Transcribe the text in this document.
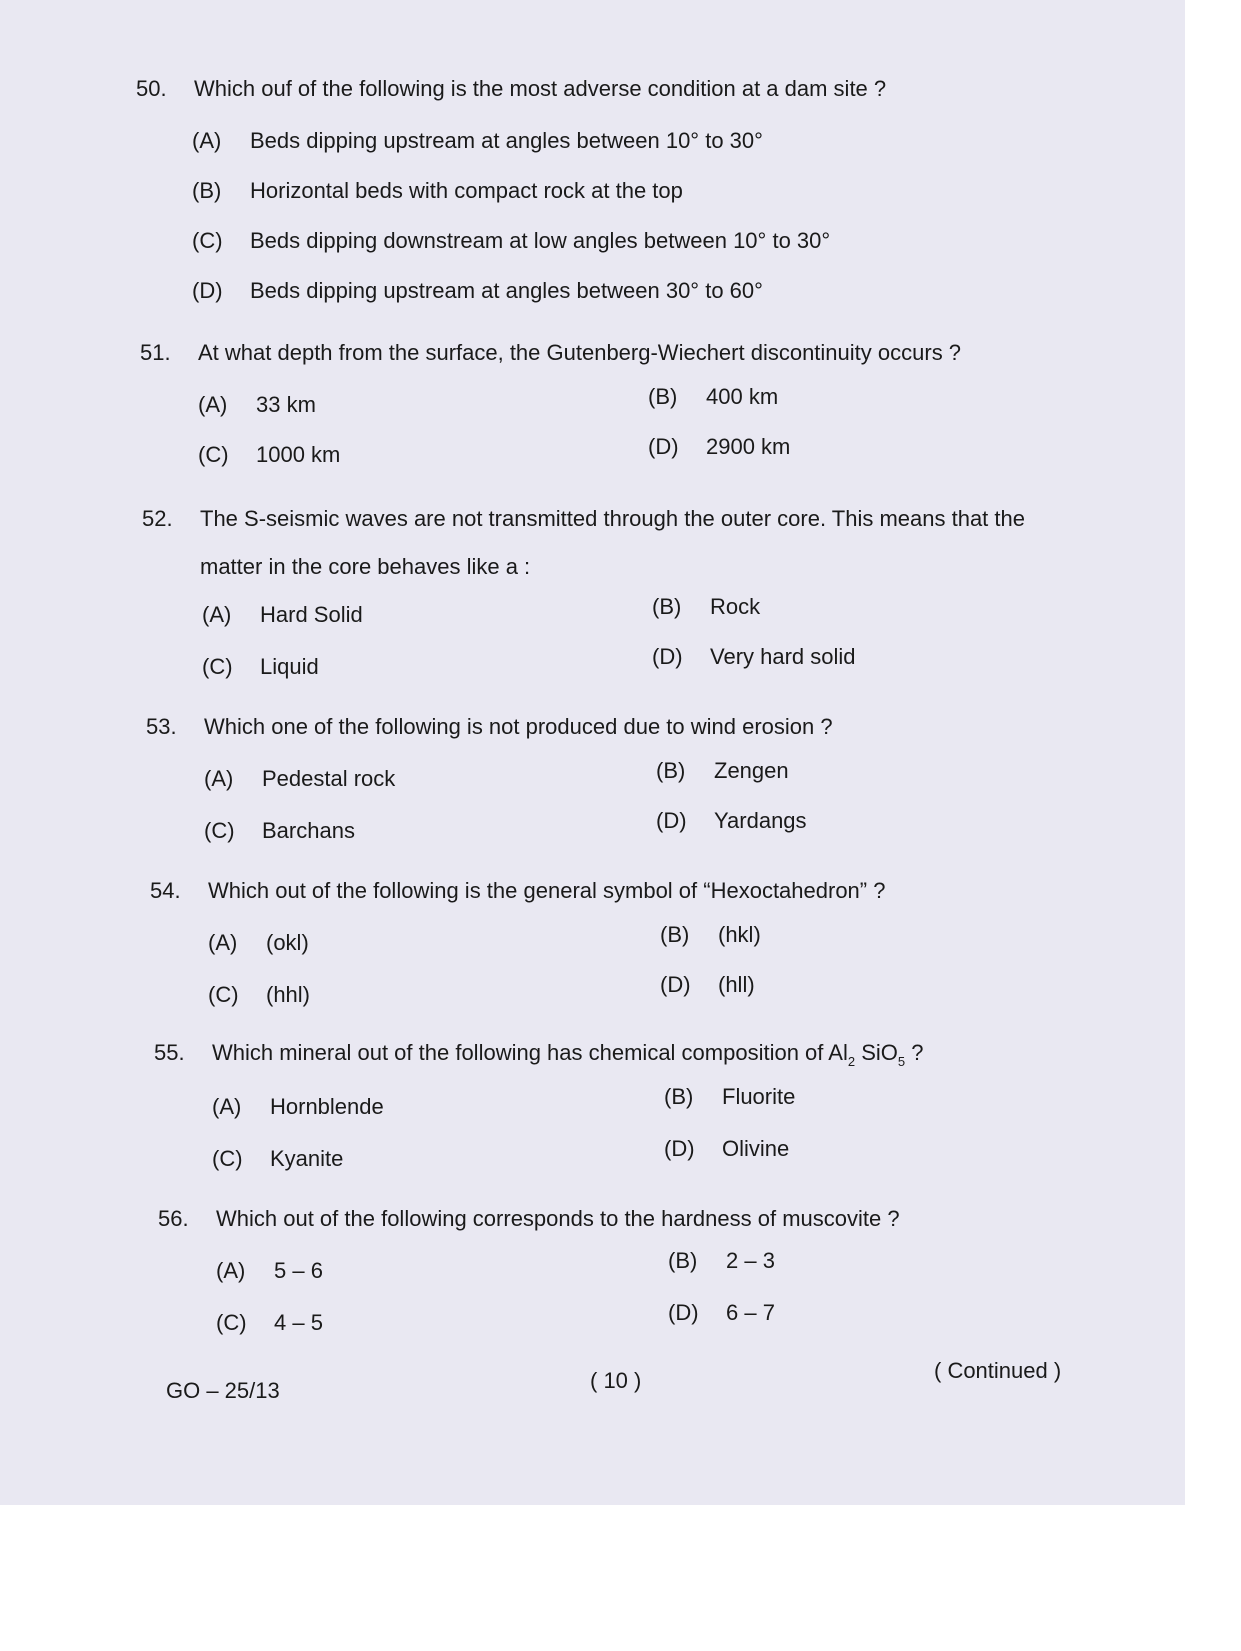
50. Which ouf of the following is the most adverse condition at a dam site ?
(A) Beds dipping upstream at angles between 10° to 30°
(B) Horizontal beds with compact rock at the top
(C) Beds dipping downstream at low angles between 10° to 30°
(D) Beds dipping upstream at angles between 30° to 60°
51. At what depth from the surface, the Gutenberg-Wiechert discontinuity occurs ?
(A) 33 km	(B) 400 km
(C) 1000 km	(D) 2900 km
52. The S-seismic waves are not transmitted through the outer core. This means that the
matter in the core behaves like a :
(A) Hard Solid	(B) Rock
(C) Liquid	(D) Very hard solid
53. Which one of the following is not produced due to wind erosion ?
(A) Pedestal rock	(B) Zengen
(C) Barchans	(D) Yardangs
54. Which out of the following is the general symbol of “Hexoctahedron” ?
(A) (okl)	(B) (hkl)
(C) (hhl)	(D) (hll)
55. Which mineral out of the following has chemical composition of $Al_2$ SiO$_5$ ?
(A) Hornblende	(B) Fluorite
(C) Kyanite	(D) Olivine
56. Which out of the following corresponds to the hardness of muscovite ?
(A) 5 – 6	(B) 2 – 3
(C) 4 – 5	(D) 6 – 7
GO – 25/13	( 10 )	( Continued )
